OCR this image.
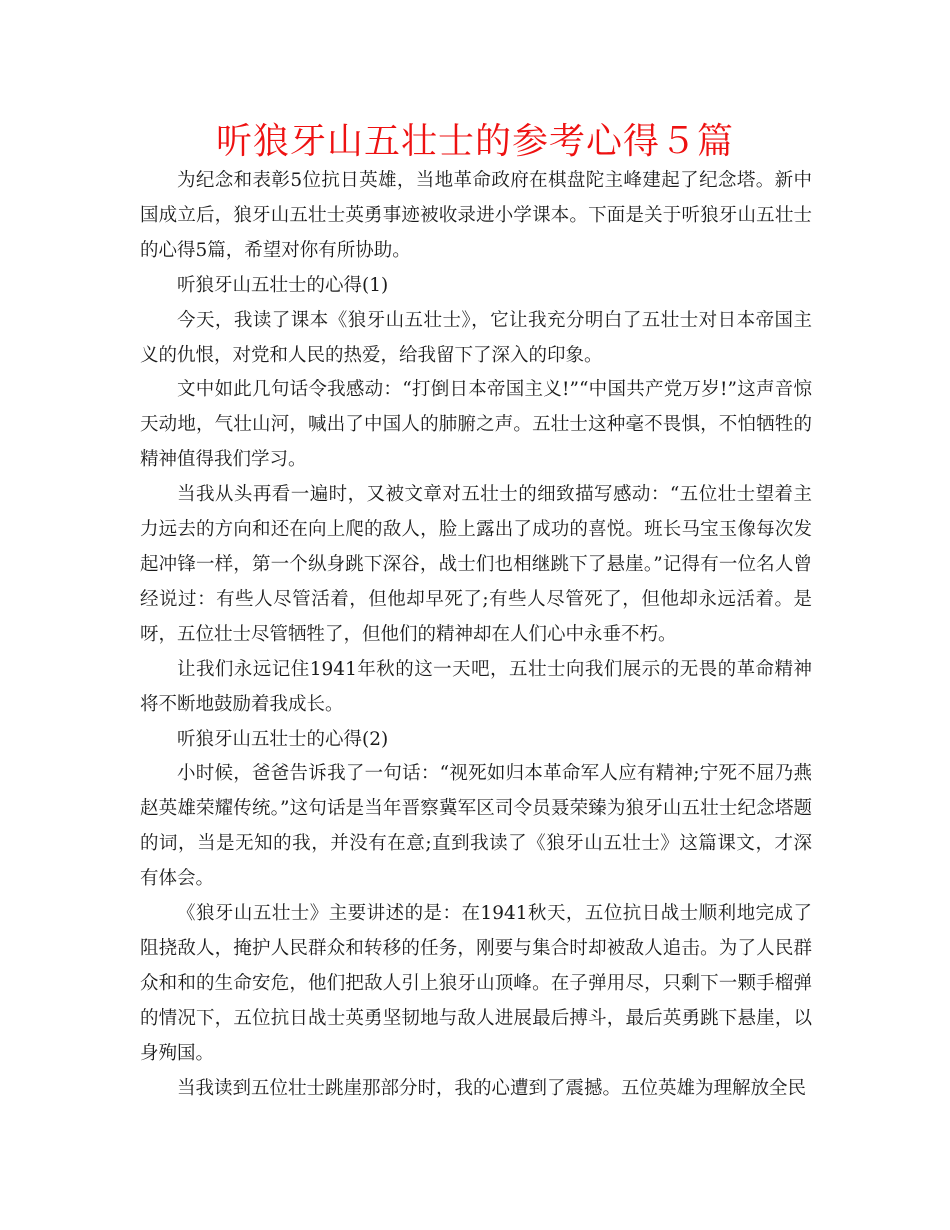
听狼牙山五壮士的参考心得５篇

为纪念和表彰5位抗日英雄，当地革命政府在棋盘陀主峰建起了纪念塔。新中国成立后，狼牙山五壮士英勇事迹被收录进小学课本。下面是关于听狼牙山五壮士的心得5篇，希望对你有所协助。

听狼牙山五壮士的心得(1)

今天，我读了课本《狼牙山五壮士》，它让我充分明白了五壮士对日本帝国主义的仇恨，对党和人民的热爱，给我留下了深入的印象。

文中如此几句话令我感动：“打倒日本帝国主义!”“中国共产党万岁!”这声音惊天动地，气壮山河，喊出了中国人的肺腑之声。五壮士这种毫不畏惧，不怕牺牲的精神值得我们学习。

当我从头再看一遍时，又被文章对五壮士的细致描写感动：“五位壮士望着主力远去的方向和还在向上爬的敌人，脸上露出了成功的喜悦。班长马宝玉像每次发起冲锋一样，第一个纵身跳下深谷，战士们也相继跳下了悬崖。”记得有一位名人曾经说过：有些人尽管活着，但他却早死了;有些人尽管死了，但他却永远活着。是呀，五位壮士尽管牺牲了，但他们的精神却在人们心中永垂不朽。

让我们永远记住1941年秋的这一天吧，五壮士向我们展示的无畏的革命精神将不断地鼓励着我成长。

听狼牙山五壮士的心得(2)

小时候，爸爸告诉我了一句话：“视死如归本革命军人应有精神;宁死不屈乃燕赵英雄荣耀传统。”这句话是当年晋察冀军区司令员聂荣臻为狼牙山五壮士纪念塔题的词，当是无知的我，并没有在意;直到我读了《狼牙山五壮士》这篇课文，才深有体会。

《狼牙山五壮士》主要讲述的是：在1941秋天，五位抗日战士顺利地完成了阻挠敌人，掩护人民群众和转移的任务，刚要与集合时却被敌人追击。为了人民群众和和的生命安危，他们把敌人引上狼牙山顶峰。在子弹用尽，只剩下一颗手榴弹的情况下，五位抗日战士英勇坚韧地与敌人进展最后搏斗，最后英勇跳下悬崖，以身殉国。

当我读到五位壮士跳崖那部分时，我的心遭到了震撼。五位英雄为理解放全民
